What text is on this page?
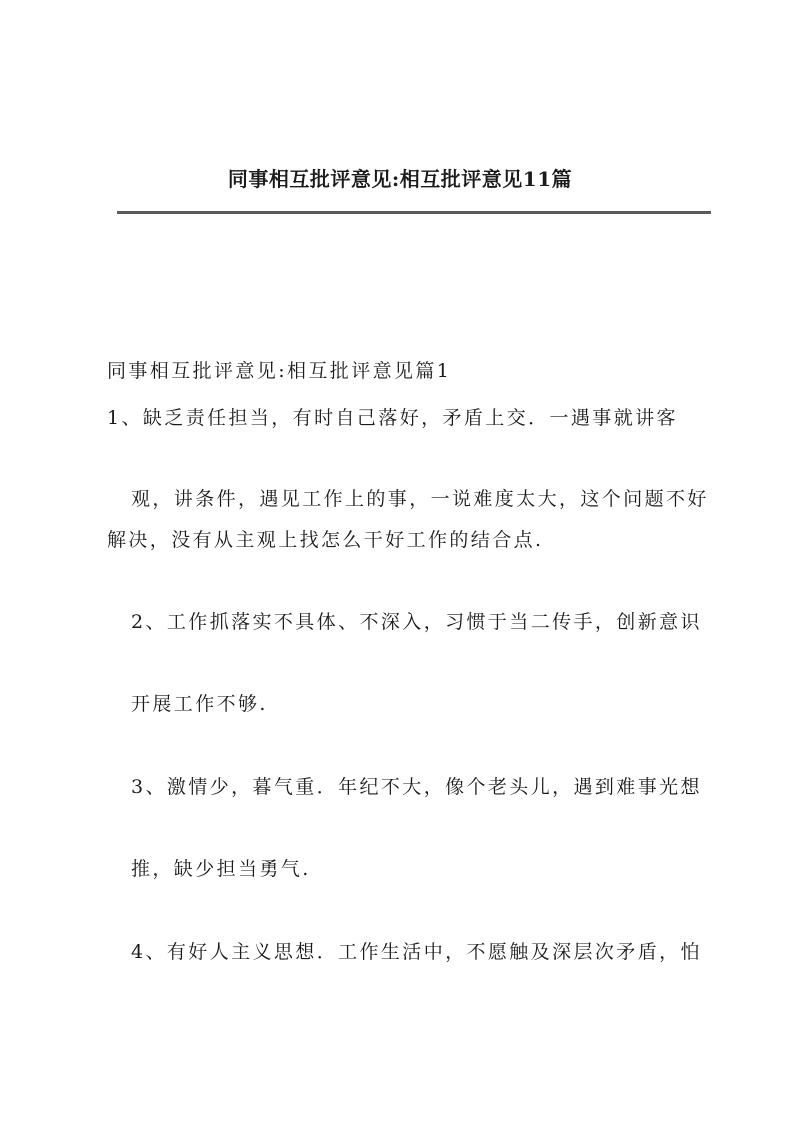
同事相互批评意见:相互批评意见11篇
同事相互批评意见:相互批评意见篇1
1、缺乏责任担当，有时自己落好，矛盾上交．一遇事就讲客
观，讲条件，遇见工作上的事，一说难度太大，这个问题不好
解决，没有从主观上找怎么干好工作的结合点.
2、工作抓落实不具体、不深入，习惯于当二传手，创新意识
开展工作不够.
3、激情少，暮气重．年纪不大，像个老头儿，遇到难事光想
推，缺少担当勇气.
4、有好人主义思想．工作生活中，不愿触及深层次矛盾，怕
